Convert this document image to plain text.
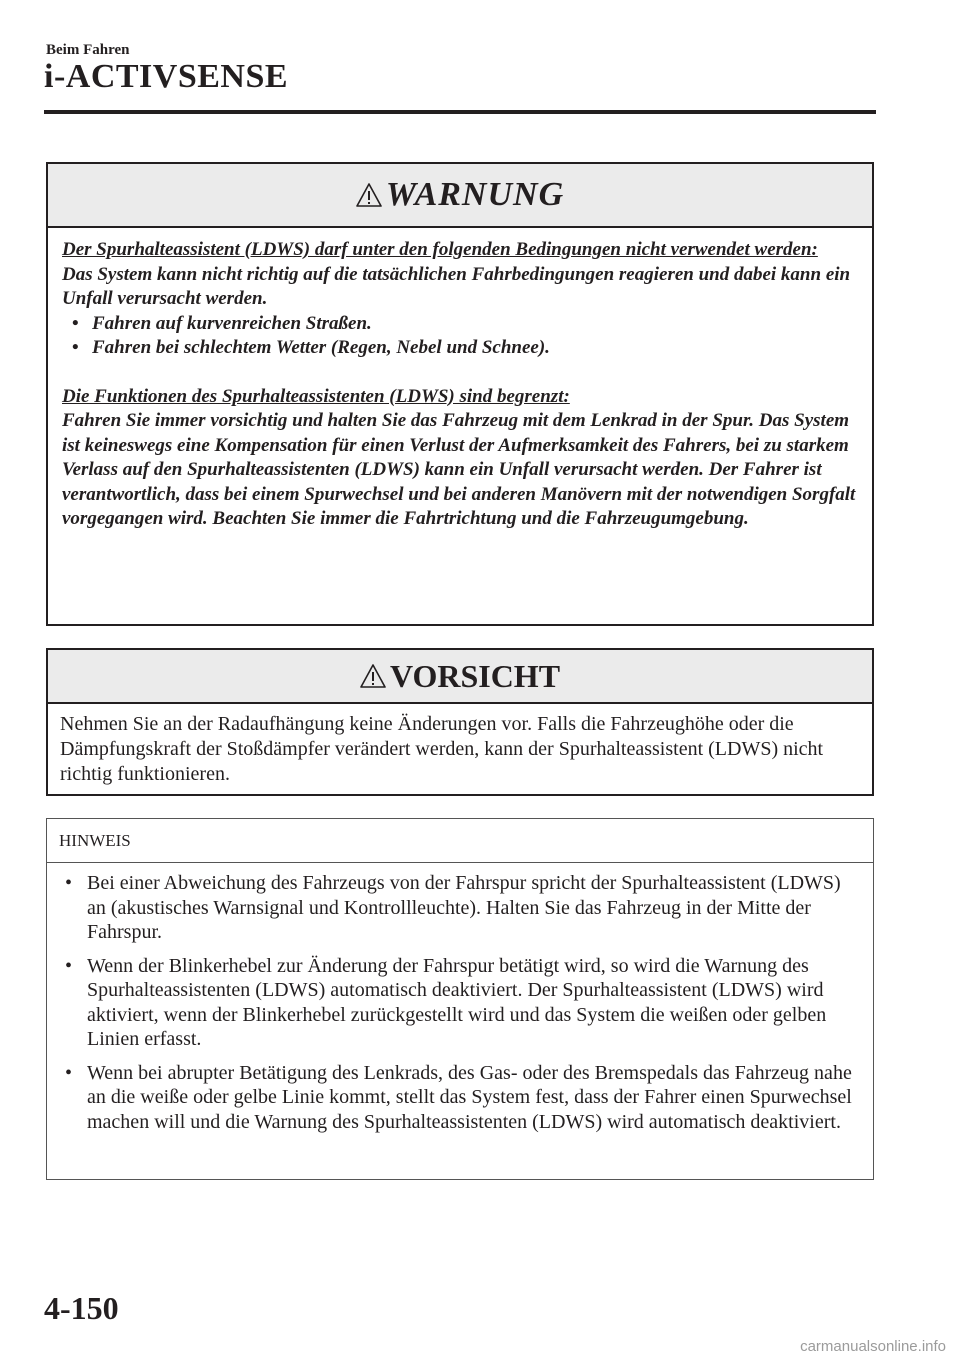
Beim Fahren
i-ACTIVSENSE
WARNUNG

Der Spurhalteassistent (LDWS) darf unter den folgenden Bedingungen nicht verwendet werden:

Das System kann nicht richtig auf die tatsächlichen Fahrbedingungen reagieren und dabei kann ein Unfall verursacht werden.

• Fahren auf kurvenreichen Straßen.
• Fahren bei schlechtem Wetter (Regen, Nebel und Schnee).

Die Funktionen des Spurhalteassistenten (LDWS) sind begrenzt:

Fahren Sie immer vorsichtig und halten Sie das Fahrzeug mit dem Lenkrad in der Spur. Das System ist keineswegs eine Kompensation für einen Verlust der Aufmerksamkeit des Fahrers, bei zu starkem Verlass auf den Spurhalteassistenten (LDWS) kann ein Unfall verursacht werden. Der Fahrer ist verantwortlich, dass bei einem Spurwechsel und bei anderen Manövern mit der notwendigen Sorgfalt vorgegangen wird. Beachten Sie immer die Fahrtrichtung und die Fahrzeugumgebung.

VORSICHT

Nehmen Sie an der Radaufhängung keine Änderungen vor. Falls die Fahrzeughöhe oder die Dämpfungskraft der Stoßdämpfer verändert werden, kann der Spurhalteassistent (LDWS) nicht richtig funktionieren.

HINWEIS
• Bei einer Abweichung des Fahrzeugs von der Fahrspur spricht der Spurhalteassistent (LDWS) an (akustisches Warnsignal und Kontrollleuchte). Halten Sie das Fahrzeug in der Mitte der Fahrspur.
• Wenn der Blinkerhebel zur Änderung der Fahrspur betätigt wird, so wird die Warnung des Spurhalteassistenten (LDWS) automatisch deaktiviert. Der Spurhalteassistent (LDWS) wird aktiviert, wenn der Blinkerhebel zurückgestellt wird und das System die weißen oder gelben Linien erfasst.
• Wenn bei abrupter Betätigung des Lenkrads, des Gas- oder des Bremspedals das Fahrzeug nahe an die weiße oder gelbe Linie kommt, stellt das System fest, dass der Fahrer einen Spurwechsel machen will und die Warnung des Spurhalteassistenten (LDWS) wird automatisch deaktiviert.
4-150
carmanualsonline.info
